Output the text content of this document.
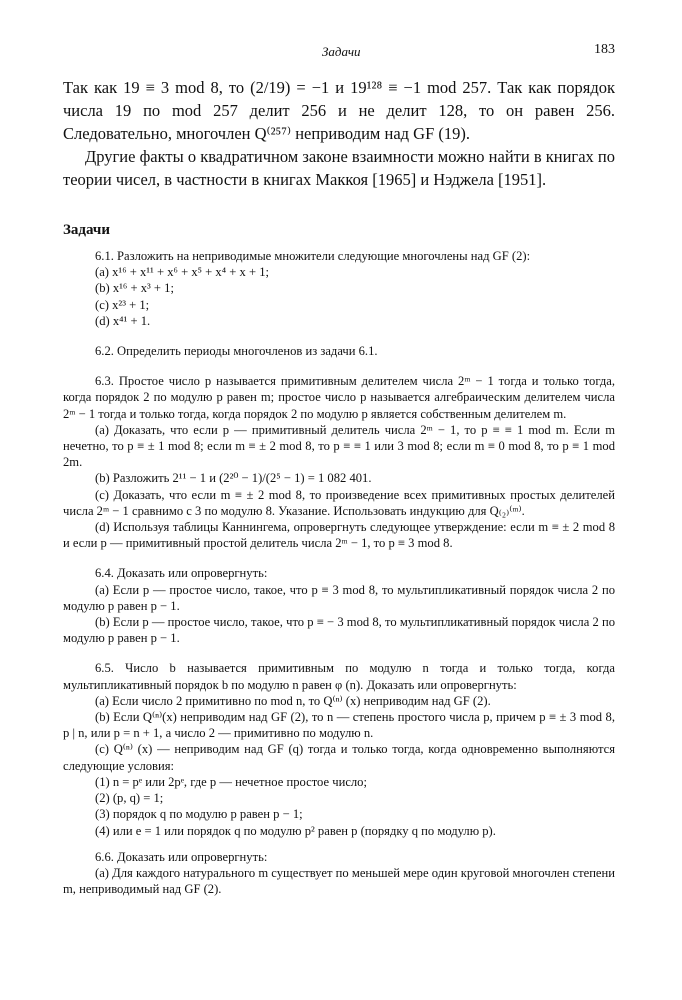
Задачи	183

Так как 19 ≡ 3 mod 8, то (2/19) = −1 и 19¹²⁸ ≡ −1 mod 257. Так как порядок числа 19 по mod 257 делит 256 и не делит 128, то он равен 256. Следовательно, многочлен Q⁽²⁵⁷⁾ неприводим над GF (19).

Другие факты о квадратичном законе взаимности можно найти в книгах по теории чисел, в частности в книгах Маккоя [1965] и Нэджела [1951].

Задачи

6.1. Разложить на неприводимые множители следующие многочлены над GF (2):

(a) x¹⁶ + x¹¹ + x⁶ + x⁵ + x⁴ + x + 1;

(b) x¹⁶ + x³ + 1;

(c) x²³ + 1;

(d) x⁴¹ + 1.

6.2. Определить периоды многочленов из задачи 6.1.

6.3. Простое число p называется примитивным делителем числа 2ᵐ − 1 тогда и только тогда, когда порядок 2 по модулю p равен m; простое число p называется алгебраическим делителем числа 2ᵐ − 1 тогда и только тогда, когда порядок 2 по модулю p является собственным делителем m.

(a) Доказать, что если p — примитивный делитель числа 2ᵐ − 1, то p ≡ ≡ 1 mod m. Если m нечетно, то p ≡ ± 1 mod 8; если m ≡ ± 2 mod 8, то p ≡ ≡ 1 или 3 mod 8; если m ≡ 0 mod 8, то p ≡ 1 mod 2m.

(b) Разложить 2¹¹ − 1 и (2²⁰ − 1)/(2⁵ − 1) = 1 082 401.

(c) Доказать, что если m ≡ ± 2 mod 8, то произведение всех примитивных простых делителей числа 2ᵐ − 1 сравнимо с 3 по модулю 8. Указание. Использовать индукцию для Q₍₂₎⁽ᵐ⁾.

(d) Используя таблицы Каннингема, опровергнуть следующее утверждение: если m ≡ ± 2 mod 8 и если p — примитивный простой делитель числа 2ᵐ − 1, то p ≡ 3 mod 8.

6.4. Доказать или опровергнуть:

(a) Если p — простое число, такое, что p ≡ 3 mod 8, то мультипликативный порядок числа 2 по модулю p равен p − 1.

(b) Если p — простое число, такое, что p ≡ − 3 mod 8, то мультипликативный порядок числа 2 по модулю p равен p − 1.

6.5. Число b называется примитивным по модулю n тогда и только тогда, когда мультипликативный порядок b по модулю n равен φ (n). Доказать или опровергнуть:

(a) Если число 2 примитивно по mod n, то Q⁽ⁿ⁾ (x) неприводим над GF (2).

(b) Если Q⁽ⁿ⁾(x) неприводим над GF (2), то n — степень простого числа p, причем p ≡ ± 3 mod 8, p | n, или p = n + 1, а число 2 — примитивно по модулю n.

(c) Q⁽ⁿ⁾ (x) — неприводим над GF (q) тогда и только тогда, когда одновременно выполняются следующие условия:

(1) n = pᵉ или 2pᵉ, где p — нечетное простое число;

(2) (p, q) = 1;

(3) порядок q по модулю p равен p − 1;

(4) или e = 1 или порядок q по модулю p² равен p (порядку q по модулю p).

6.6. Доказать или опровергнуть:

(a) Для каждого натурального m существует по меньшей мере один круговой многочлен степени m, неприводимый над GF (2).
